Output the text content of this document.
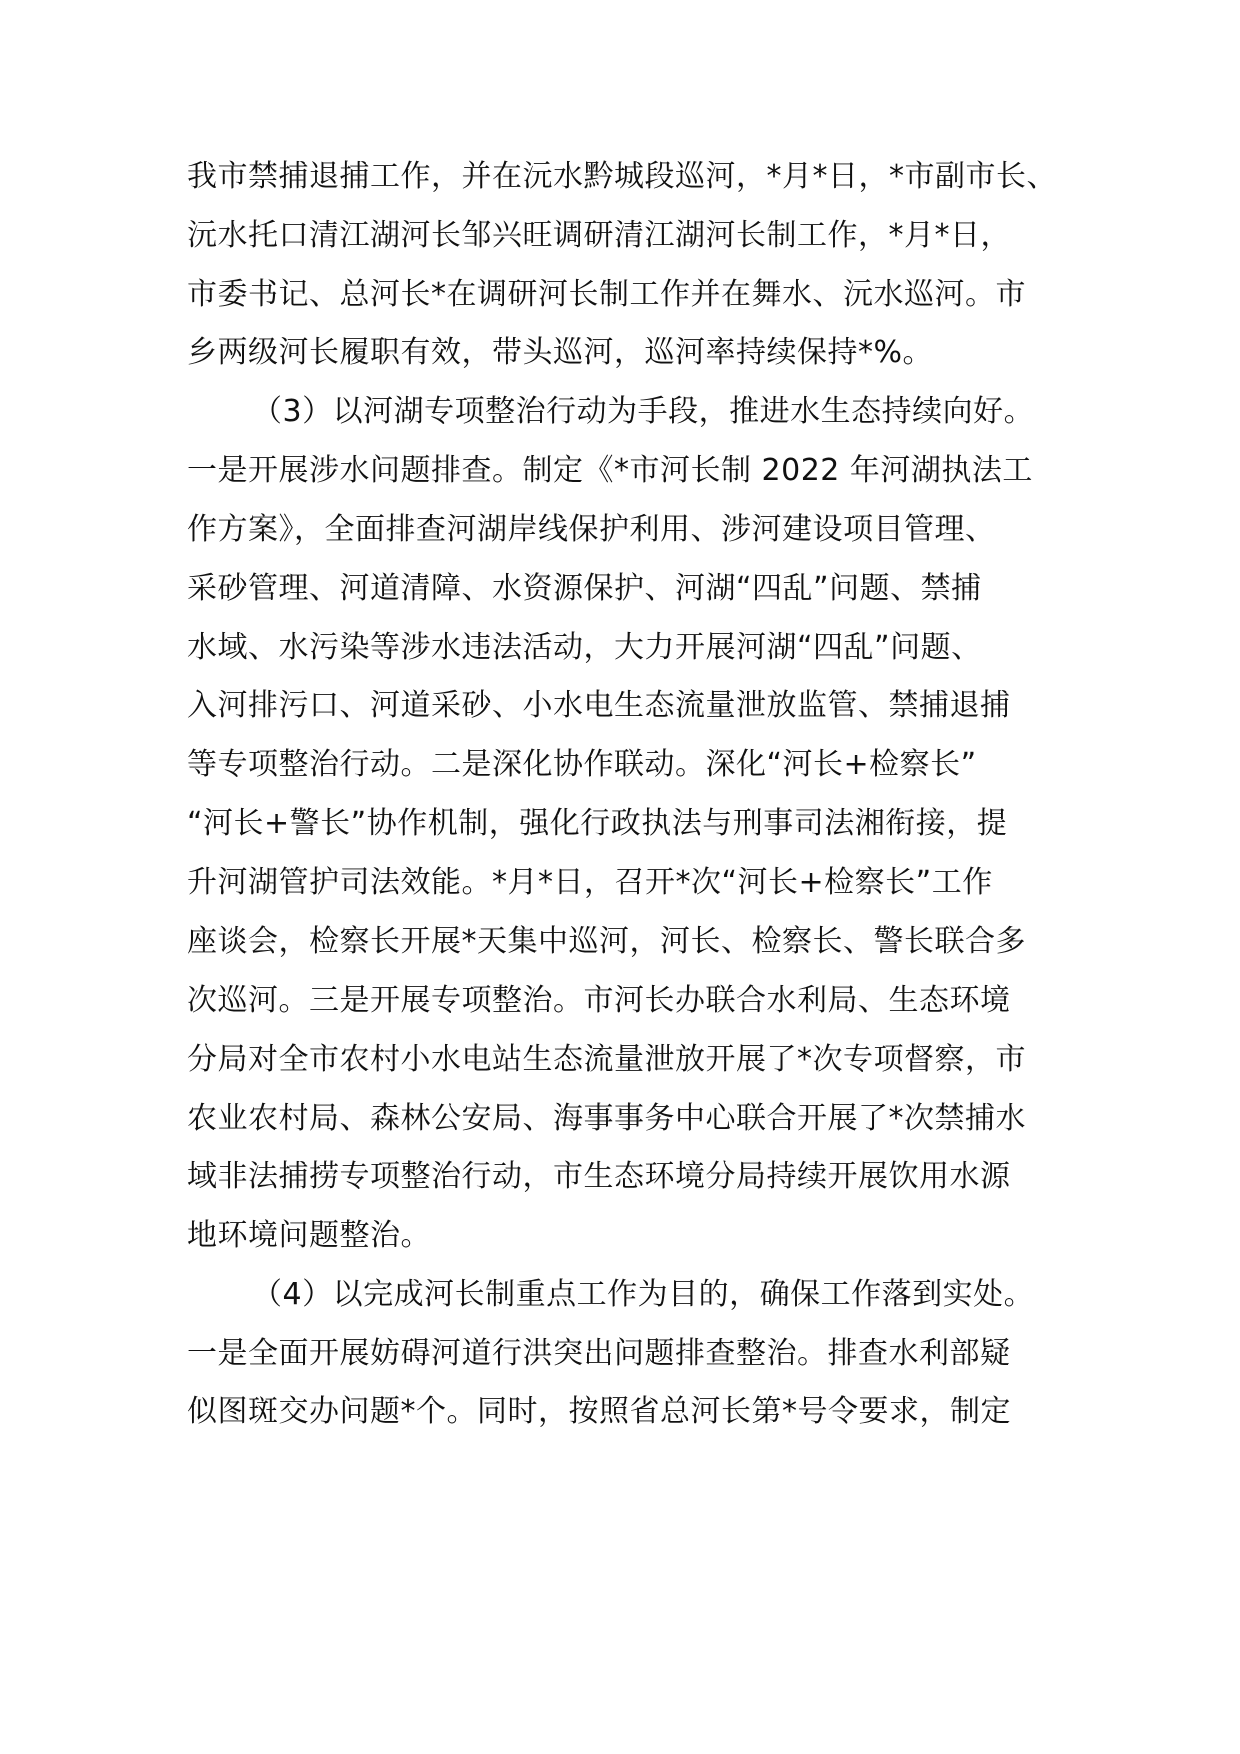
我市禁捕退捕工作，并在沅水黔城段巡河，*月*日，*市副市长、
沅水托口清江湖河长邹兴旺调研清江湖河长制工作，*月*日，
市委书记、总河长*在调研河长制工作并在舞水、沅水巡河。市
乡两级河长履职有效，带头巡河，巡河率持续保持*%。
（3）以河湖专项整治行动为手段，推进水生态持续向好。
一是开展涉水问题排查。制定《*市河长制 2022 年河湖执法工
作方案》，全面排查河湖岸线保护利用、涉河建设项目管理、
采砂管理、河道清障、水资源保护、河湖“四乱”问题、禁捕
水域、水污染等涉水违法活动，大力开展河湖“四乱”问题、
入河排污口、河道采砂、小水电生态流量泄放监管、禁捕退捕
等专项整治行动。二是深化协作联动。深化“河长+检察长”
“河长+警长”协作机制，强化行政执法与刑事司法湘衔接，提
升河湖管护司法效能。*月*日，召开*次“河长+检察长”工作
座谈会，检察长开展*天集中巡河，河长、检察长、警长联合多
次巡河。三是开展专项整治。市河长办联合水利局、生态环境
分局对全市农村小水电站生态流量泄放开展了*次专项督察，市
农业农村局、森林公安局、海事事务中心联合开展了*次禁捕水
域非法捕捞专项整治行动，市生态环境分局持续开展饮用水源
地环境问题整治。
（4）以完成河长制重点工作为目的，确保工作落到实处。
一是全面开展妨碍河道行洪突出问题排查整治。排查水利部疑
似图斑交办问题*个。同时，按照省总河长第*号令要求，制定
